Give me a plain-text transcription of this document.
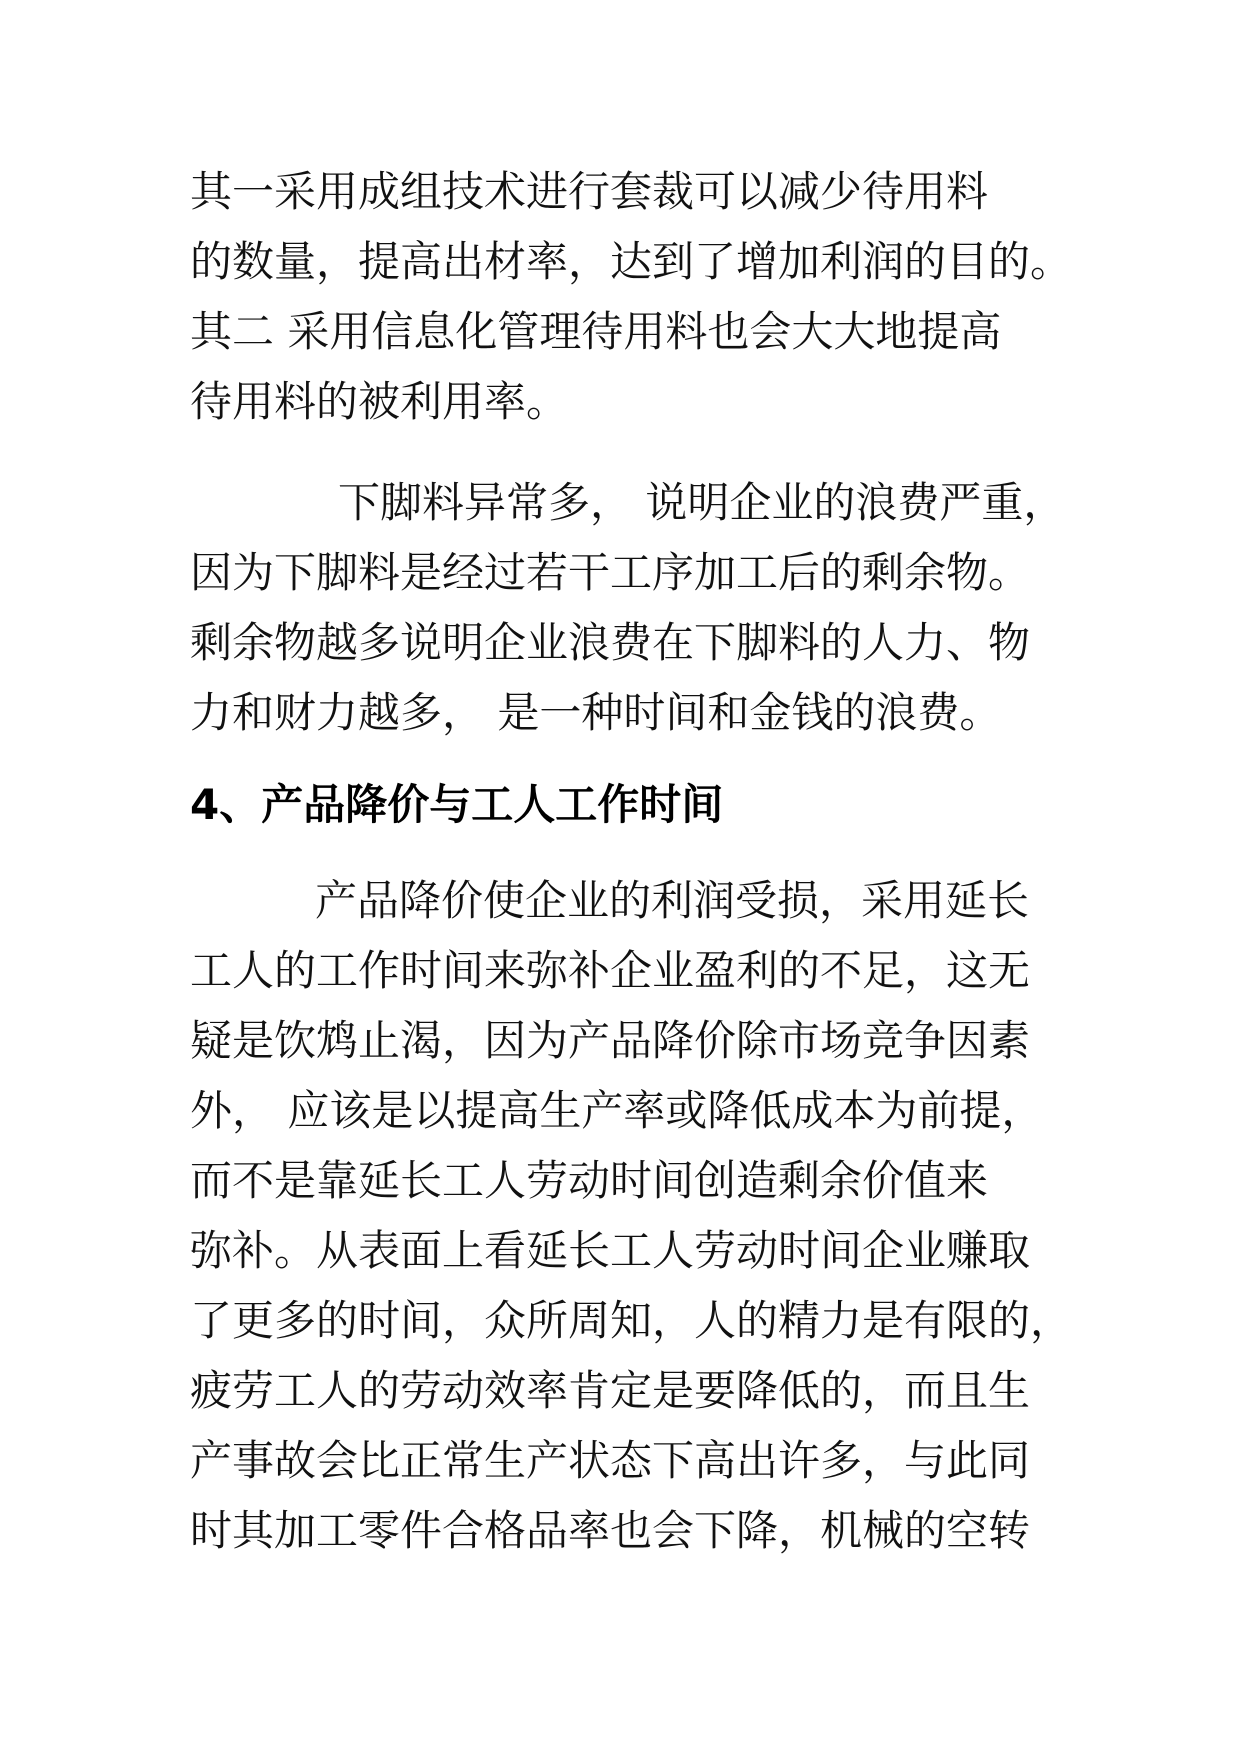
其一采用成组技术进行套裁可以减少待用料
的数量，提高出材率，达到了增加利润的目的。
其二 采用信息化管理待用料也会大大地提高
待用料的被利用率。
下脚料异常多， 说明企业的浪费严重，
因为下脚料是经过若干工序加工后的剩余物。
剩余物越多说明企业浪费在下脚料的人力、物
力和财力越多， 是一种时间和金钱的浪费。
4、产品降价与工人工作时间
产品降价使企业的利润受损，采用延长
工人的工作时间来弥补企业盈利的不足，这无
疑是饮鸩止渴，因为产品降价除市场竞争因素
外， 应该是以提高生产率或降低成本为前提，
而不是靠延长工人劳动时间创造剩余价值来
弥补。从表面上看延长工人劳动时间企业赚取
了更多的时间，众所周知，人的精力是有限的，
疲劳工人的劳动效率肯定是要降低的，而且生
产事故会比正常生产状态下高出许多，与此同
时其加工零件合格品率也会下降，机械的空转
